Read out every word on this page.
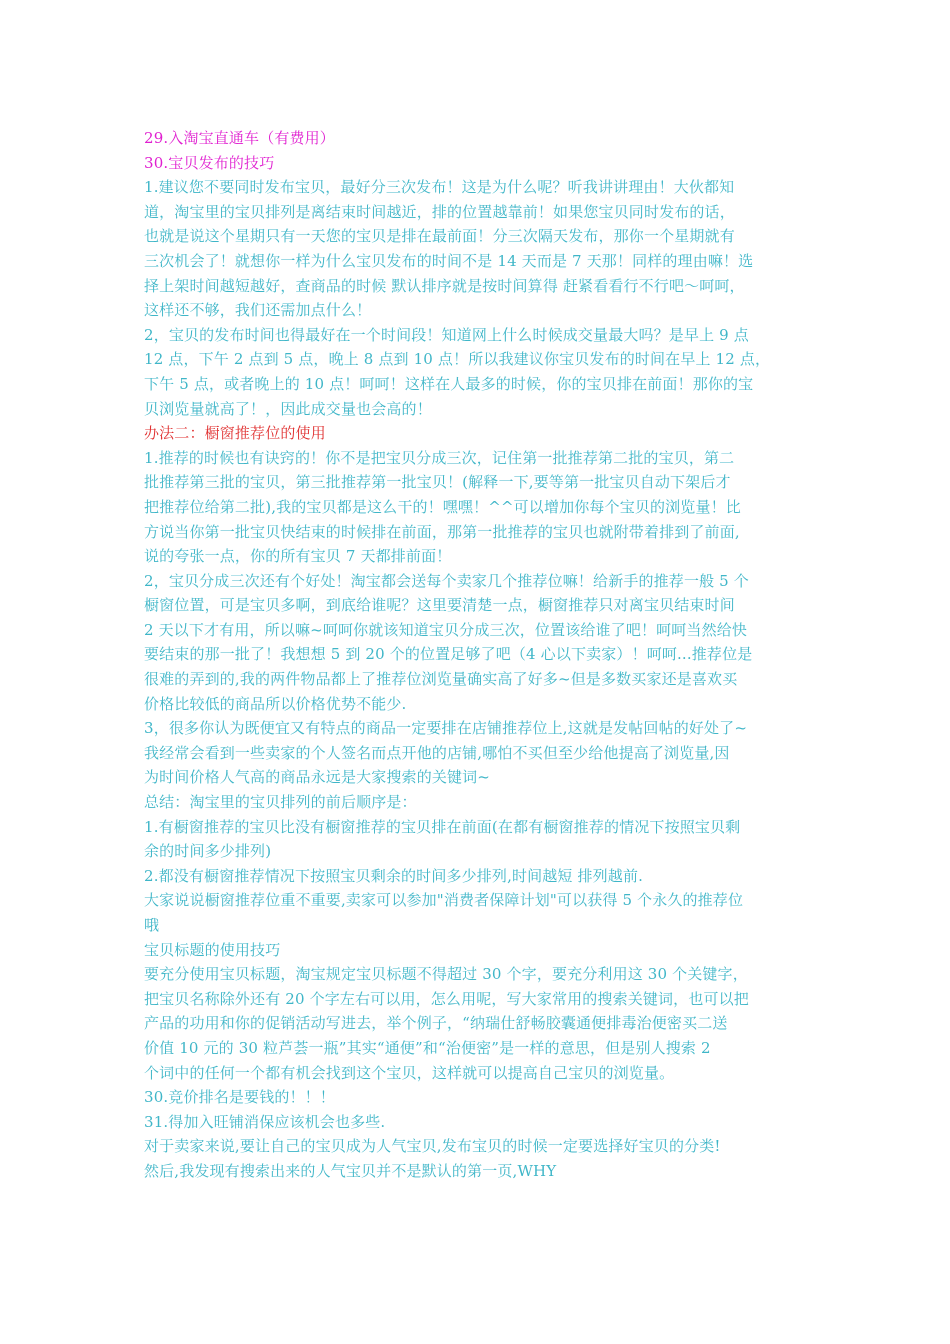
29.入淘宝直通车（有费用）
30.宝贝发布的技巧
1.建议您不要同时发布宝贝，最好分三次发布！这是为什么呢？听我讲讲理由！大伙都知
道，淘宝里的宝贝排列是离结束时间越近，排的位置越靠前！如果您宝贝同时发布的话，
也就是说这个星期只有一天您的宝贝是排在最前面！分三次隔天发布，那你一个星期就有
三次机会了！就想你一样为什么宝贝发布的时间不是 14 天而是 7 天那！同样的理由嘛！选
择上架时间越短越好，查商品的时候 默认排序就是按时间算得 赶紧看看行不行吧～呵呵，
这样还不够，我们还需加点什么！
2，宝贝的发布时间也得最好在一个时间段！知道网上什么时候成交量最大吗？是早上 9 点
12 点，下午 2 点到 5 点，晚上 8 点到 10 点！所以我建议你宝贝发布的时间在早上 12 点，
下午 5 点，或者晚上的 10 点！呵呵！这样在人最多的时候，你的宝贝排在前面！那你的宝
贝浏览量就高了！，因此成交量也会高的！
办法二：橱窗推荐位的使用
1.推荐的时候也有诀窍的！你不是把宝贝分成三次，记住第一批推荐第二批的宝贝，第二
批推荐第三批的宝贝，第三批推荐第一批宝贝！(解释一下,要等第一批宝贝自动下架后才
把推荐位给第二批),我的宝贝都是这么干的！嘿嘿！^^可以增加你每个宝贝的浏览量！比
方说当你第一批宝贝快结束的时候排在前面，那第一批推荐的宝贝也就附带着排到了前面,
说的夸张一点，你的所有宝贝 7 天都排前面！
2，宝贝分成三次还有个好处！淘宝都会送每个卖家几个推荐位嘛！给新手的推荐一般 5 个
橱窗位置，可是宝贝多啊，到底给谁呢？这里要清楚一点，橱窗推荐只对离宝贝结束时间
2 天以下才有用，所以嘛~呵呵你就该知道宝贝分成三次，位置该给谁了吧！呵呵当然给快
要结束的那一批了！我想想 5 到 20 个的位置足够了吧（4 心以下卖家）！呵呵...推荐位是
很难的弄到的,我的两件物品都上了推荐位浏览量确实高了好多~但是多数买家还是喜欢买
价格比较低的商品所以价格优势不能少.
3，很多你认为既便宜又有特点的商品一定要排在店铺推荐位上,这就是发帖回帖的好处了~
我经常会看到一些卖家的个人签名而点开他的店铺,哪怕不买但至少给他提高了浏览量,因
为时间价格人气高的商品永远是大家搜索的关键词~
总结：淘宝里的宝贝排列的前后顺序是：
1.有橱窗推荐的宝贝比没有橱窗推荐的宝贝排在前面(在都有橱窗推荐的情况下按照宝贝剩
余的时间多少排列)
2.都没有橱窗推荐情况下按照宝贝剩余的时间多少排列,时间越短 排列越前.
大家说说橱窗推荐位重不重要,卖家可以参加"消费者保障计划"可以获得 5 个永久的推荐位
哦
宝贝标题的使用技巧
要充分使用宝贝标题，淘宝规定宝贝标题不得超过 30 个字，要充分利用这 30 个关键字，
把宝贝名称除外还有 20 个字左右可以用，怎么用呢，写大家常用的搜索关键词，也可以把
产品的功用和你的促销活动写进去，举个例子，“纳瑞仕舒畅胶囊通便排毒治便密买二送
价值 10 元的 30 粒芦荟一瓶”其实“通便”和“治便密”是一样的意思，但是别人搜索 2
个词中的任何一个都有机会找到这个宝贝，这样就可以提高自己宝贝的浏览量。
30.竞价排名是要钱的！！！
31.得加入旺铺消保应该机会也多些.
对于卖家来说,要让自己的宝贝成为人气宝贝,发布宝贝的时候一定要选择好宝贝的分类!
然后,我发现有搜索出来的人气宝贝并不是默认的第一页,WHY
